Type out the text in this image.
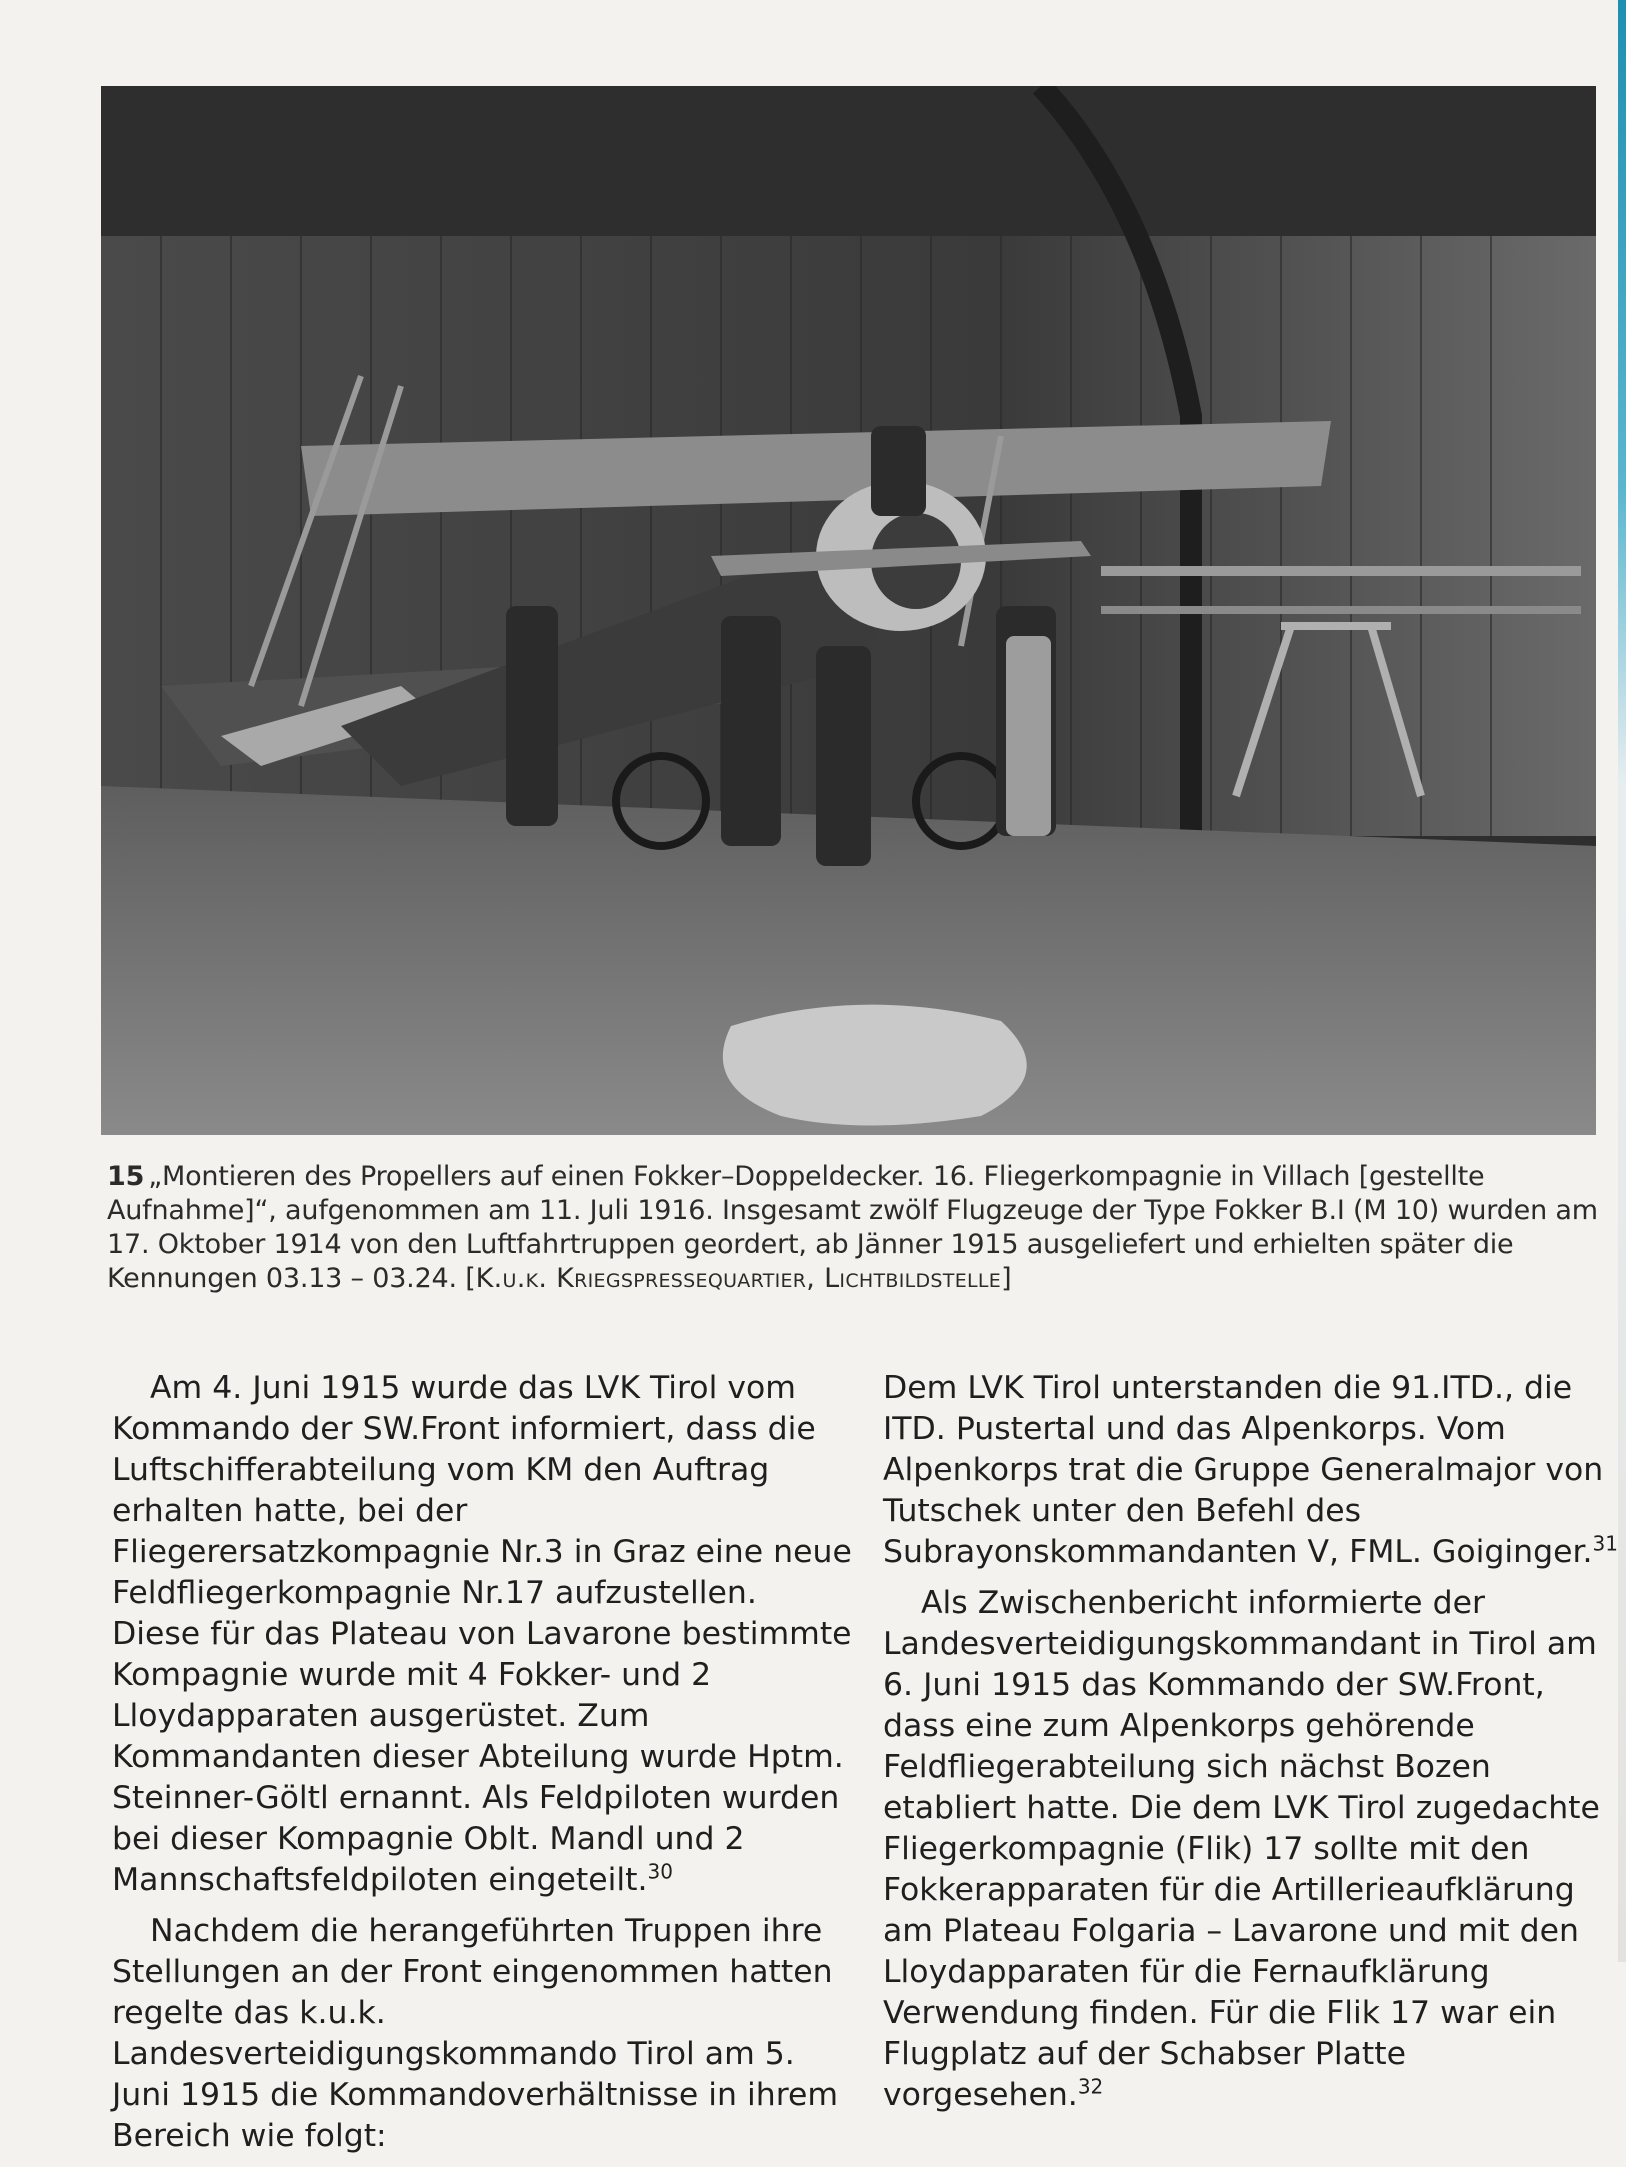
15 „Montieren des Propellers auf einen Fokker–Doppeldecker. 16. Fliegerkompagnie in Villach [gestellte Aufnahme]“, aufgenommen am 11. Juli 1916. Insgesamt zwölf Flugzeuge der Type Fokker B.I (M 10) wurden am 17. Oktober 1914 von den Luftfahrtruppen geordert, ab Jänner 1915 ausgeliefert und erhielten später die Kennungen 03.13 – 03.24. [K.u.k. Kriegspressequartier, Lichtbildstelle]

Am 4. Juni 1915 wurde das LVK Tirol vom Kommando der SW.Front informiert, dass die Luftschifferabteilung vom KM den Auftrag erhalten hatte, bei der Fliegerersatzkompagnie Nr.3 in Graz eine neue Feldfliegerkompagnie Nr.17 aufzustellen. Diese für das Plateau von Lavarone bestimmte Kompagnie wurde mit 4 Fokker- und 2 Lloydapparaten ausgerüstet. Zum Kommandanten dieser Abteilung wurde Hptm. Steinner-Göltl ernannt. Als Feldpiloten wurden bei dieser Kompagnie Oblt. Mandl und 2 Mannschaftsfeldpiloten eingeteilt.$^{30}$

Nachdem die herangeführten Truppen ihre Stellungen an der Front eingenommen hatten regelte das k.u.k. Landesverteidigungskommando Tirol am 5. Juni 1915 die Kommandoverhältnisse in ihrem Bereich wie folgt:

Dem LVK Tirol unterstanden die 91.ITD., die ITD. Pustertal und das Alpenkorps. Vom Alpenkorps trat die Gruppe Generalmajor von Tutschek unter den Befehl des Subrayonskommandanten V, FML. Goiginger.$^{31}$

Als Zwischenbericht informierte der Landesverteidigungskommandant in Tirol am 6. Juni 1915 das Kommando der SW.Front, dass eine zum Alpenkorps gehörende Feldfliegerabteilung sich nächst Bozen etabliert hatte. Die dem LVK Tirol zugedachte Fliegerkompagnie (Flik) 17 sollte mit den Fokkerapparaten für die Artillerieaufklärung am Plateau Folgaria – Lavarone und mit den Lloydapparaten für die Fernaufklärung Verwendung finden. Für die Flik 17 war ein Flugplatz auf der Schabser Platte vorgesehen.$^{32}$
